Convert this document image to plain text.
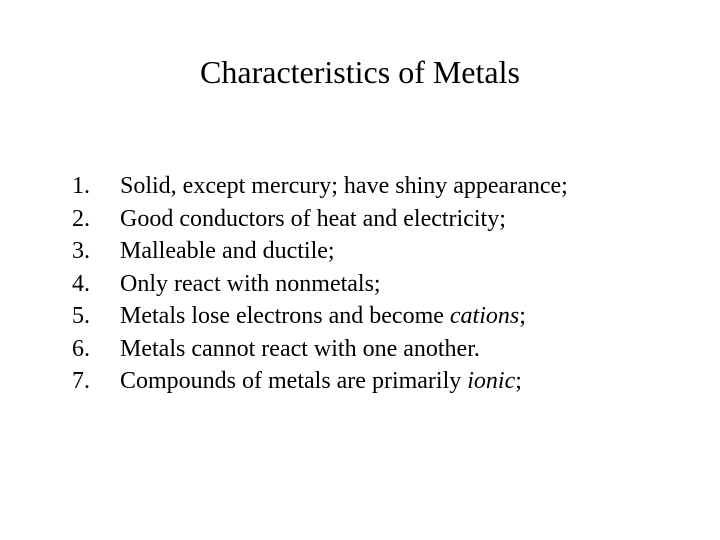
Characteristics of Metals
1.	Solid, except mercury; have shiny appearance;
2.	Good conductors of heat and electricity;
3.	Malleable and ductile;
4.	Only react with nonmetals;
5.	Metals lose electrons and become cations;
6.	Metals cannot react with one another.
7.	Compounds of metals are primarily ionic;
